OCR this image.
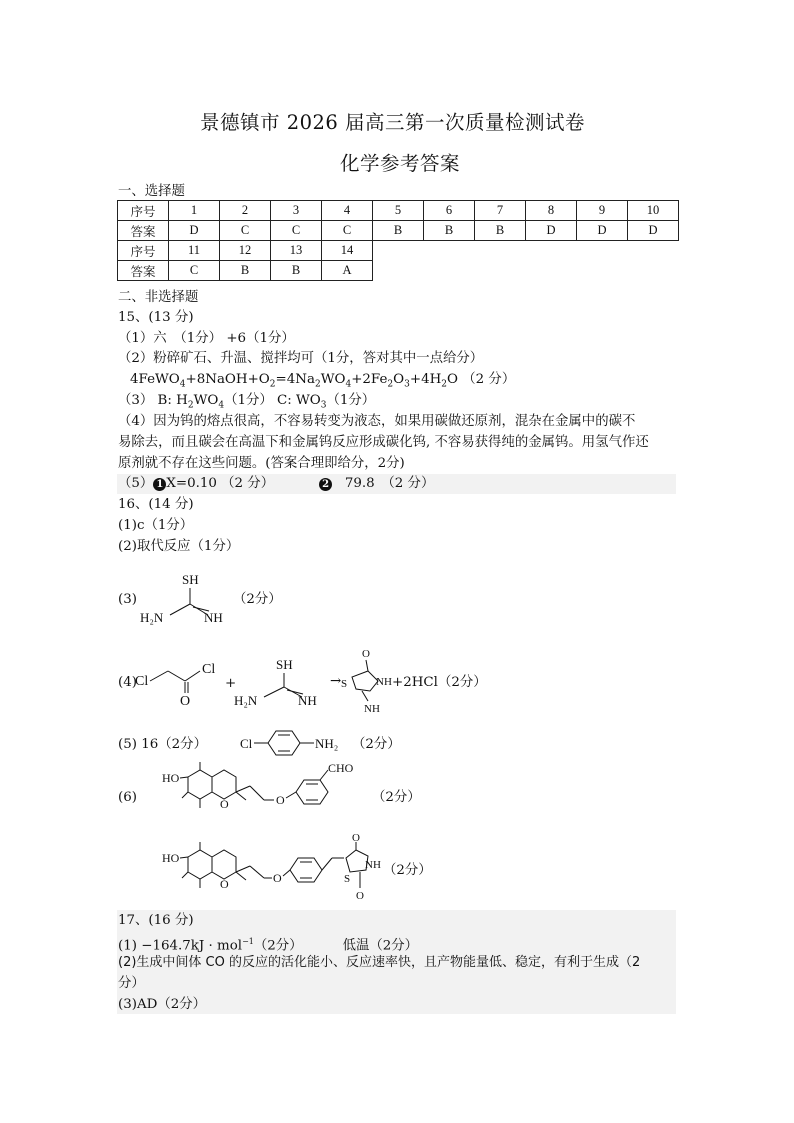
景德镇市 2026 届高三第一次质量检测试卷
化学参考答案
一、选择题
序号	1	2	3	4	5	6	7	8	9	10
答案	D	C	C	C	B	B	B	D	D	D
序号	11	12	13	14						
答案	C	B	B	A						
二、非选择题
15、(13 分)
（1）六　（1分） +6（1分）
（2）粉碎矿石、升温、搅拌均可（1分，答对其中一点给分）
$4FeWO_4+8NaOH+O_2=4Na_2WO_4+2Fe_2O_3+4H_2O$ （2 分）
（3） B: $H_2WO_4(1$分） C: $WO_3(1$分）
（4）因为钨的熔点很高，不容易转变为液态，如果用碳做还原剂，混杂在金属中的碳不
易除去，而且碳会在高温下和金属钨反应形成碳化钨, 不容易获得纯的金属钨。用氢气作还
原剂就不存在这些问题。(答案合理即给分，2分)
（5） 1 X=0.10 （2 分）	2 79.8　（2 分）
16、(14 分)
(1)c（1分）
(2)取代反应（1分）
(3)
SH
H₂N	NH
（2分）
(4)
Cl
O
Cl
+
SH
H₂N	NH
→
O
S	NH
NH
+2HCl（2分）
(5) 16（2分）	Cl	NH₂ （2分）
(6)
HO
O	O
CHO
（2分）
HO
O	O	S
O
NH
O
（2分）
17、(16 分)
(1) −164.7kJ · mol$^{-1}$（2分）	低温（2分）
(2)生成中间体 CO 的反应的活化能小、反应速率快，且产物能量低、稳定，有利于生成（2
分）
(3)AD（2分）
